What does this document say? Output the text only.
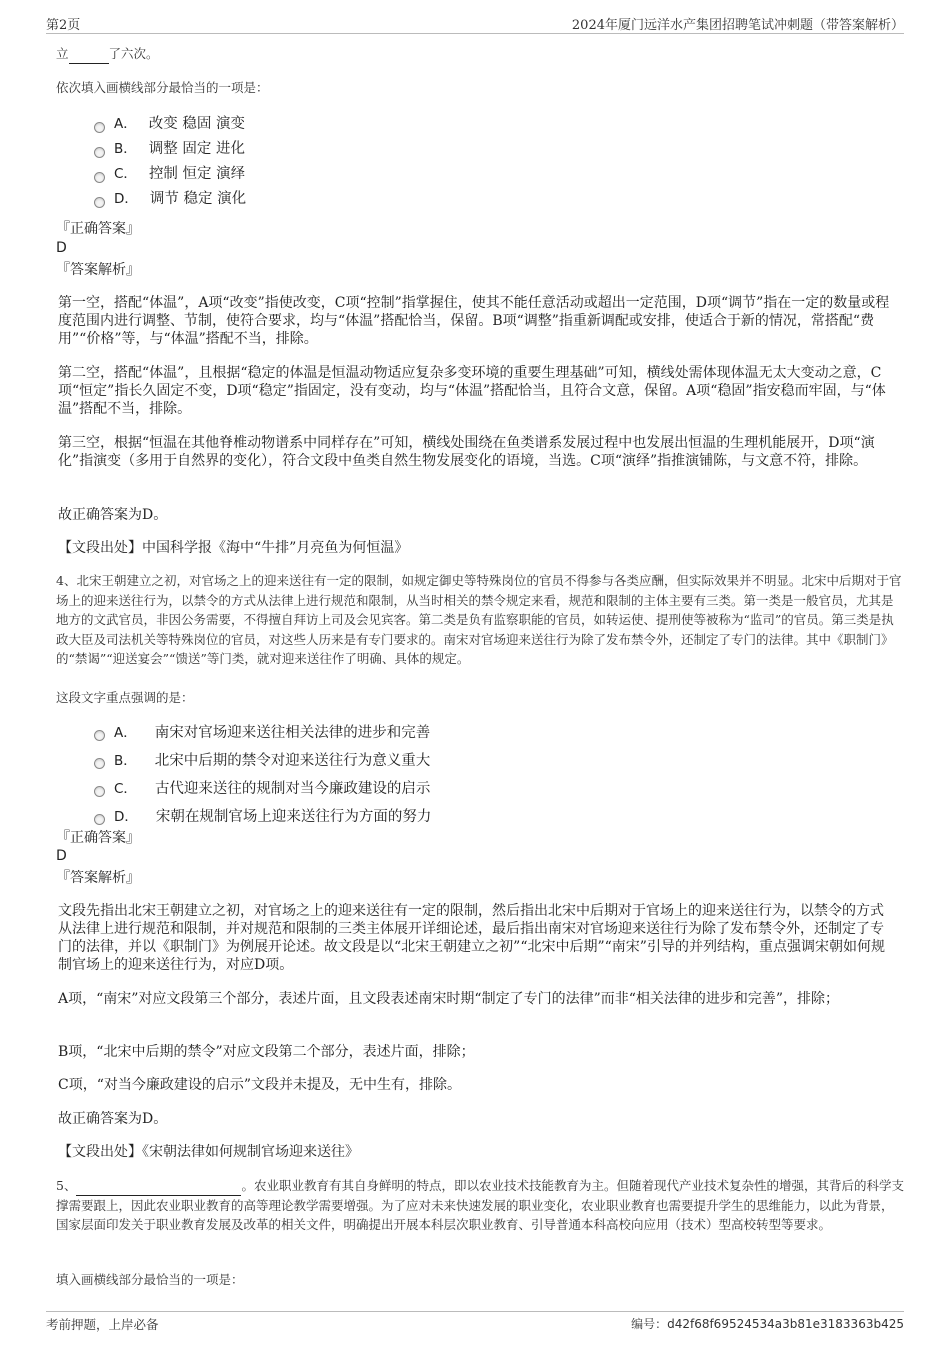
第2页	2024年厦门远洋水产集团招聘笔试冲刺题（带答案解析）
立	了六次。
依次填入画横线部分最恰当的一项是：
A． 改变 稳固 演变
B． 调整 固定 进化
C． 控制 恒定 演绎
D． 调节 稳定 演化
『正确答案』
D
『答案解析』
第一空，搭配“体温”，A项“改变”指使改变，C项“控制”指掌握住，使其不能任意活动或超出一定范围，D项“调节”指在一定的数量或程度范围内进行调整、节制，使符合要求，均与“体温”搭配恰当，保留。B项“调整”指重新调配或安排，使适合于新的情况，常搭配“费用”“价格”等，与“体温”搭配不当，排除。
第二空，搭配“体温”，且根据“稳定的体温是恒温动物适应复杂多变环境的重要生理基础”可知，横线处需体现体温无太大变动之意，C项“恒定”指长久固定不变，D项“稳定”指固定，没有变动，均与“体温”搭配恰当，且符合文意，保留。A项“稳固”指安稳而牢固，与“体温”搭配不当，排除。
第三空，根据“恒温在其他脊椎动物谱系中同样存在”可知，横线处围绕在鱼类谱系发展过程中也发展出恒温的生理机能展开，D项“演化”指演变（多用于自然界的变化），符合文段中鱼类自然生物发展变化的语境，当选。C项“演绎”指推演铺陈，与文意不符，排除。
故正确答案为D。
【文段出处】中国科学报《海中“牛排”月亮鱼为何恒温》
4、北宋王朝建立之初，对官场之上的迎来送往有一定的限制，如规定御史等特殊岗位的官员不得参与各类应酬，但实际效果并不明显。北宋中后期对于官场上的迎来送往行为，以禁令的方式从法律上进行规范和限制，从当时相关的禁令规定来看，规范和限制的主体主要有三类。第一类是一般官员，尤其是地方的文武官员，非因公务需要，不得擅自拜访上司及会见宾客。第二类是负有监察职能的官员，如转运使、提刑使等被称为“监司”的官员。第三类是执政大臣及司法机关等特殊岗位的官员，对这些人历来是有专门要求的。南宋对官场迎来送往行为除了发布禁令外，还制定了专门的法律。其中《职制门》的“禁谒”“迎送宴会”“馈送”等门类，就对迎来送往作了明确、具体的规定。
这段文字重点强调的是：
A． 南宋对官场迎来送往相关法律的进步和完善
B． 北宋中后期的禁令对迎来送往行为意义重大
C． 古代迎来送往的规制对当今廉政建设的启示
D． 宋朝在规制官场上迎来送往行为方面的努力
『正确答案』
D
『答案解析』
文段先指出北宋王朝建立之初，对官场之上的迎来送往有一定的限制，然后指出北宋中后期对于官场上的迎来送往行为，以禁令的方式从法律上进行规范和限制，并对规范和限制的三类主体展开详细论述，最后指出南宋对官场迎来送往行为除了发布禁令外，还制定了专门的法律，并以《职制门》为例展开论述。故文段是以“北宋王朝建立之初”“北宋中后期”“南宋”引导的并列结构，重点强调宋朝如何规制官场上的迎来送往行为，对应D项。
A项，“南宋”对应文段第三个部分，表述片面，且文段表述南宋时期“制定了专门的法律”而非“相关法律的进步和完善”，排除；
B项，“北宋中后期的禁令”对应文段第二个部分，表述片面，排除；
C项，“对当今廉政建设的启示”文段并未提及，无中生有，排除。
故正确答案为D。
【文段出处】《宋朝法律如何规制官场迎来送往》
5、	。农业职业教育有其自身鲜明的特点，即以农业技术技能教育为主。但随着现代产业技术复杂性的增强，其背后的科学支撑需要跟上，因此农业职业教育的高等理论教学需要增强。为了应对未来快速发展的职业变化，农业职业教育也需要提升学生的思维能力，以此为背景，国家层面印发关于职业教育发展及改革的相关文件，明确提出开展本科层次职业教育、引导普通本科高校向应用（技术）型高校转型等要求。
填入画横线部分最恰当的一项是：
考前押题，上岸必备	编号：d42f68f69524534a3b81e3183363b425
